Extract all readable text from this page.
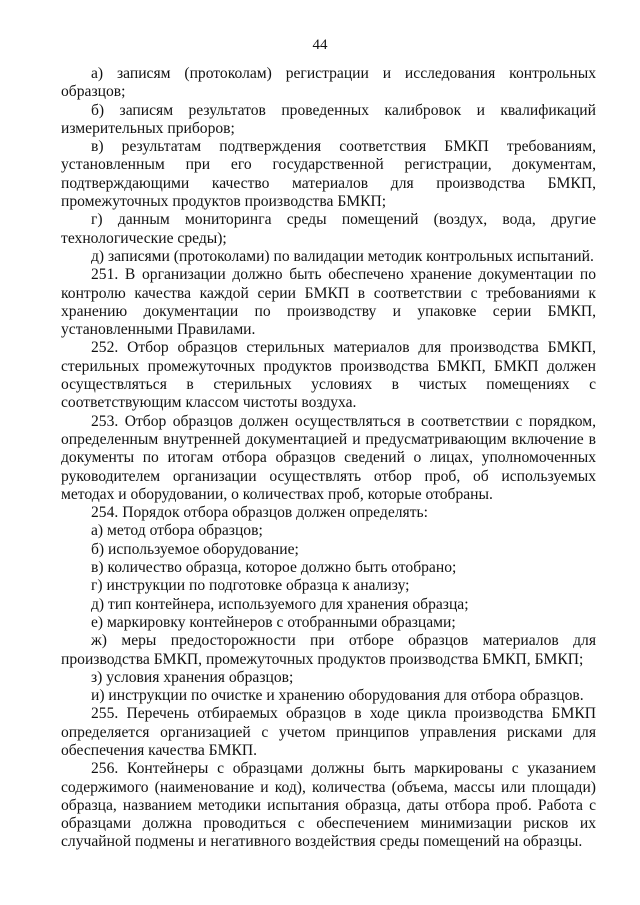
44

а) записям (протоколам) регистрации и исследования контрольных образцов;

б) записям результатов проведенных калибровок и квалификаций измерительных приборов;

в) результатам подтверждения соответствия БМКП требованиям, установленным при его государственной регистрации, документам, подтверждающими качество материалов для производства БМКП, промежуточных продуктов производства БМКП;

г) данным мониторинга среды помещений (воздух, вода, другие технологические среды);

д) записями (протоколами) по валидации методик контрольных испытаний.

251. В организации должно быть обеспечено хранение документации по контролю качества каждой серии БМКП в соответствии с требованиями к хранению документации по производству и упаковке серии БМКП, установленными Правилами.

252. Отбор образцов стерильных материалов для производства БМКП, стерильных промежуточных продуктов производства БМКП, БМКП должен осуществляться в стерильных условиях в чистых помещениях с соответствующим классом чистоты воздуха.

253. Отбор образцов должен осуществляться в соответствии с порядком, определенным внутренней документацией и предусматривающим включение в документы по итогам отбора образцов сведений о лицах, уполномоченных руководителем организации осуществлять отбор проб, об используемых методах и оборудовании, о количествах проб, которые отобраны.

254. Порядок отбора образцов должен определять:

а) метод отбора образцов;

б) используемое оборудование;

в) количество образца, которое должно быть отобрано;

г) инструкции по подготовке образца к анализу;

д) тип контейнера, используемого для хранения образца;

е) маркировку контейнеров с отобранными образцами;

ж) меры предосторожности при отборе образцов материалов для производства БМКП, промежуточных продуктов производства БМКП, БМКП;

з) условия хранения образцов;

и) инструкции по очистке и хранению оборудования для отбора образцов.

255. Перечень отбираемых образцов в ходе цикла производства БМКП определяется организацией с учетом принципов управления рисками для обеспечения качества БМКП.

256. Контейнеры с образцами должны быть маркированы с указанием содержимого (наименование и код), количества (объема, массы или площади) образца, названием методики испытания образца, даты отбора проб. Работа с образцами должна проводиться с обеспечением минимизации рисков их случайной подмены и негативного воздействия среды помещений на образцы.
